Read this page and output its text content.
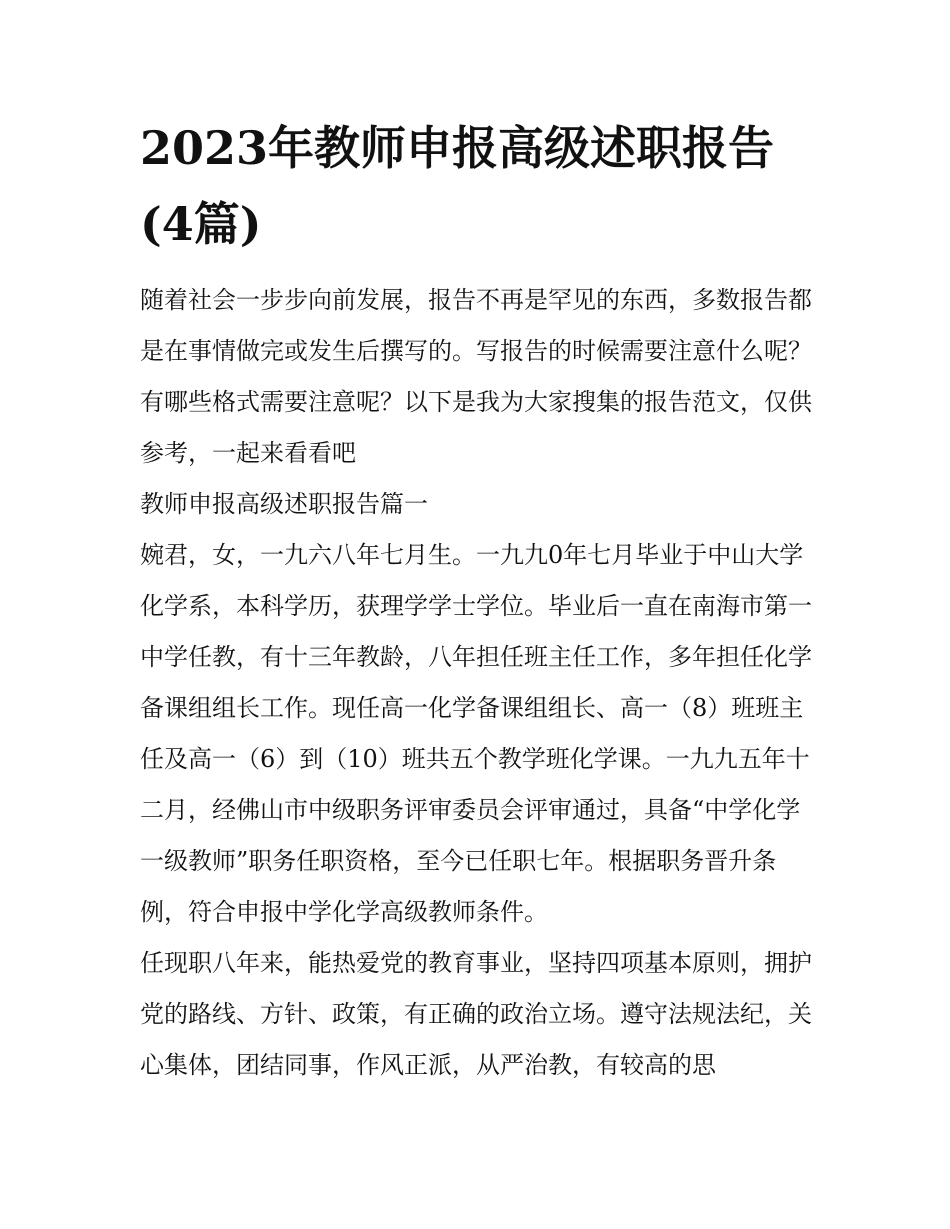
2023年教师申报高级述职报告(4篇)

随着社会一步步向前发展，报告不再是罕见的东西，多数报告都是在事情做完或发生后撰写的。写报告的时候需要注意什么呢？有哪些格式需要注意呢？以下是我为大家搜集的报告范文，仅供参考，一起来看看吧

教师申报高级述职报告篇一

婉君，女，一九六八年七月生。一九九0年七月毕业于中山大学化学系，本科学历，获理学学士学位。毕业后一直在南海市第一中学任教，有十三年教龄，八年担任班主任工作，多年担任化学备课组组长工作。现任高一化学备课组组长、高一（8）班班主任及高一（6）到（10）班共五个教学班化学课。一九九五年十二月，经佛山市中级职务评审委员会评审通过，具备“中学化学一级教师”职务任职资格，至今已任职七年。根据职务晋升条例，符合申报中学化学高级教师条件。

任现职八年来，能热爱党的教育事业，坚持四项基本原则，拥护党的路线、方针、政策，有正确的政治立场。遵守法规法纪，关心集体，团结同事，作风正派，从严治教，有较高的思
